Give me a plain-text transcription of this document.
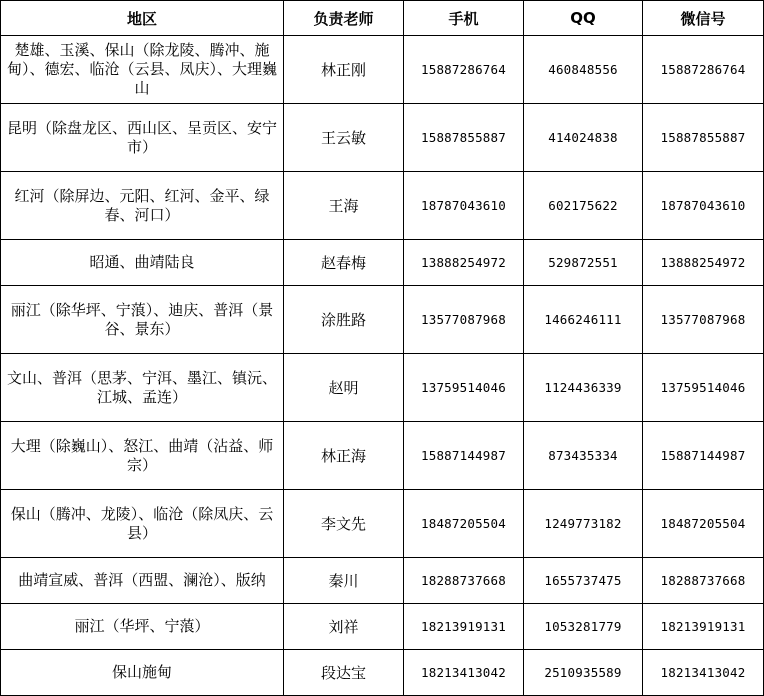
地区	负责老师	手机	QQ	微信号
楚雄、玉溪、保山（除龙陵、腾冲、施甸）、德宏、临沧（云县、凤庆）、大理巍山	林正刚	15887286764	460848556	15887286764
昆明（除盘龙区、西山区、呈贡区、安宁市）	王云敏	15887855887	414024838	15887855887
红河（除屏边、元阳、红河、金平、绿春、河口）	王海	18787043610	602175622	18787043610
昭通、曲靖陆良	赵春梅	13888254972	529872551	13888254972
丽江（除华坪、宁蒗）、迪庆、普洱（景谷、景东）	涂胜路	13577087968	1466246111	13577087968
文山、普洱（思茅、宁洱、墨江、镇沅、江城、孟连）	赵明	13759514046	1124436339	13759514046
大理（除巍山）、怒江、曲靖（沾益、师宗）	林正海	15887144987	873435334	15887144987
保山（腾冲、龙陵）、临沧（除凤庆、云县）	李文先	18487205504	1249773182	18487205504
曲靖宣威、普洱（西盟、澜沧）、版纳	秦川	18288737668	1655737475	18288737668
丽江（华坪、宁蒗）	刘祥	18213919131	1053281779	18213919131
保山施甸	段达宝	18213413042	2510935589	18213413042
